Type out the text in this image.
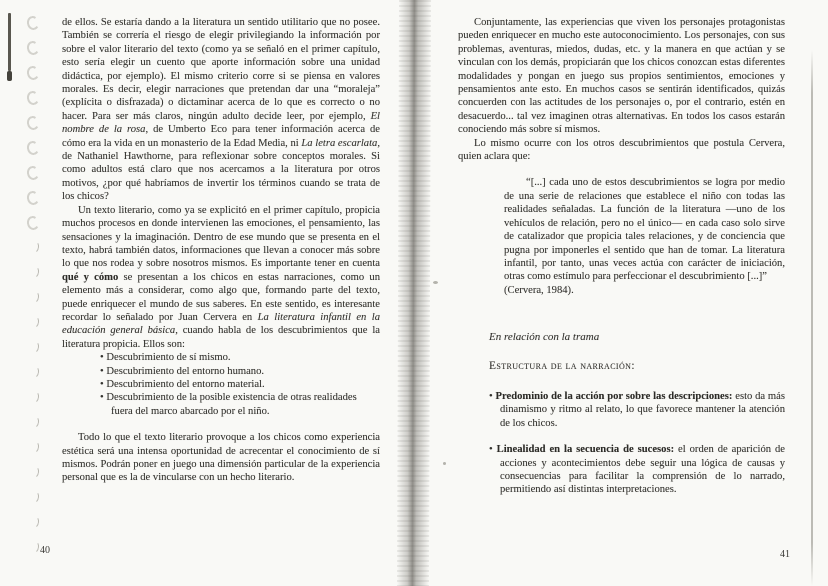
de ellos. Se estaría dando a la literatura un sentido utilitario que no posee. También se correría el riesgo de elegir privilegiando la información por sobre el valor literario del texto (como ya se señaló en el primer capítulo, esto sería elegir un cuento que aporte información sobre una unidad didáctica, por ejemplo). El mismo criterio corre si se piensa en valores morales. Es decir, elegir narraciones que pretendan dar una “moraleja” (explícita o disfrazada) o dictaminar acerca de lo que es correcto o no hacer. Para ser más claros, ningún adulto decide leer, por ejemplo, El nombre de la rosa, de Umberto Eco para tener información acerca de cómo era la vida en un monasterio de la Edad Media, ni La letra escarlata, de Nathaniel Hawthorne, para reflexionar sobre conceptos morales. Si como adultos está claro que nos acercamos a la literatura por otros motivos, ¿por qué habríamos de invertir los términos cuando se trata de los chicos?

Un texto literario, como ya se explicitó en el primer capítulo, propicia muchos procesos en donde intervienen las emociones, el pensamiento, las sensaciones y la imaginación. Dentro de ese mundo que se presenta en el texto, habrá también datos, informaciones que llevan a conocer más sobre lo que nos rodea y sobre nosotros mismos. Es importante tener en cuenta qué y cómo se presentan a los chicos en estas narraciones, como un elemento más a considerar, como algo que, formando parte del texto, puede enriquecer el mundo de sus saberes. En este sentido, es interesante recordar lo señalado por Juan Cervera en La literatura infantil en la educación general básica, cuando habla de los descubrimientos que la literatura propicia. Ellos son:

• Descubrimiento de sí mismo.
• Descubrimiento del entorno humano.
• Descubrimiento del entorno material.
• Descubrimiento de la posible existencia de otras realidades fuera del marco abarcado por el niño.

Todo lo que el texto literario provoque a los chicos como experiencia estética será una intensa oportunidad de acrecentar el conocimiento de sí mismos. Podrán poner en juego una dimensión particular de la experiencia personal que es la de vincularse con un hecho literario.

Conjuntamente, las experiencias que viven los personajes protagonistas pueden enriquecer en mucho este autoconocimiento. Los personajes, con sus problemas, aventuras, miedos, dudas, etc. y la manera en que actúan y se vinculan con los demás, propiciarán que los chicos conozcan estas diferentes modalidades y pongan en juego sus propios sentimientos, emociones y pensamientos ante esto. En muchos casos se sentirán identificados, quizás concuerden con las actitudes de los personajes o, por el contrario, estén en desacuerdo... tal vez imaginen otras alternativas. En todos los casos estarán conociendo más sobre sí mismos.

Lo mismo ocurre con los otros descubrimientos que postula Cervera, quien aclara que:

“[...] cada uno de estos descubrimientos se logra por medio de una serie de relaciones que establece el niño con todas las realidades señaladas. La función de la literatura —uno de los vehículos de relación, pero no el único— en cada caso solo sirve de catalizador que propicia tales relaciones, y de conciencia que pugna por imponerles el sentido que han de tomar. La literatura infantil, por tanto, unas veces actúa con carácter de iniciación, otras como estímulo para perfeccionar el descubrimiento [...]”
(Cervera, 1984).
En relación con la trama
Estructura de la narración:
• Predominio de la acción por sobre las descripciones: esto da más dinamismo y ritmo al relato, lo que favorece mantener la atención de los chicos.
• Linealidad en la secuencia de sucesos: el orden de aparición de acciones y acontecimientos debe seguir una lógica de causas y consecuencias para facilitar la comprensión de lo narrado, permitiendo así distintas interpretaciones.
40	41
